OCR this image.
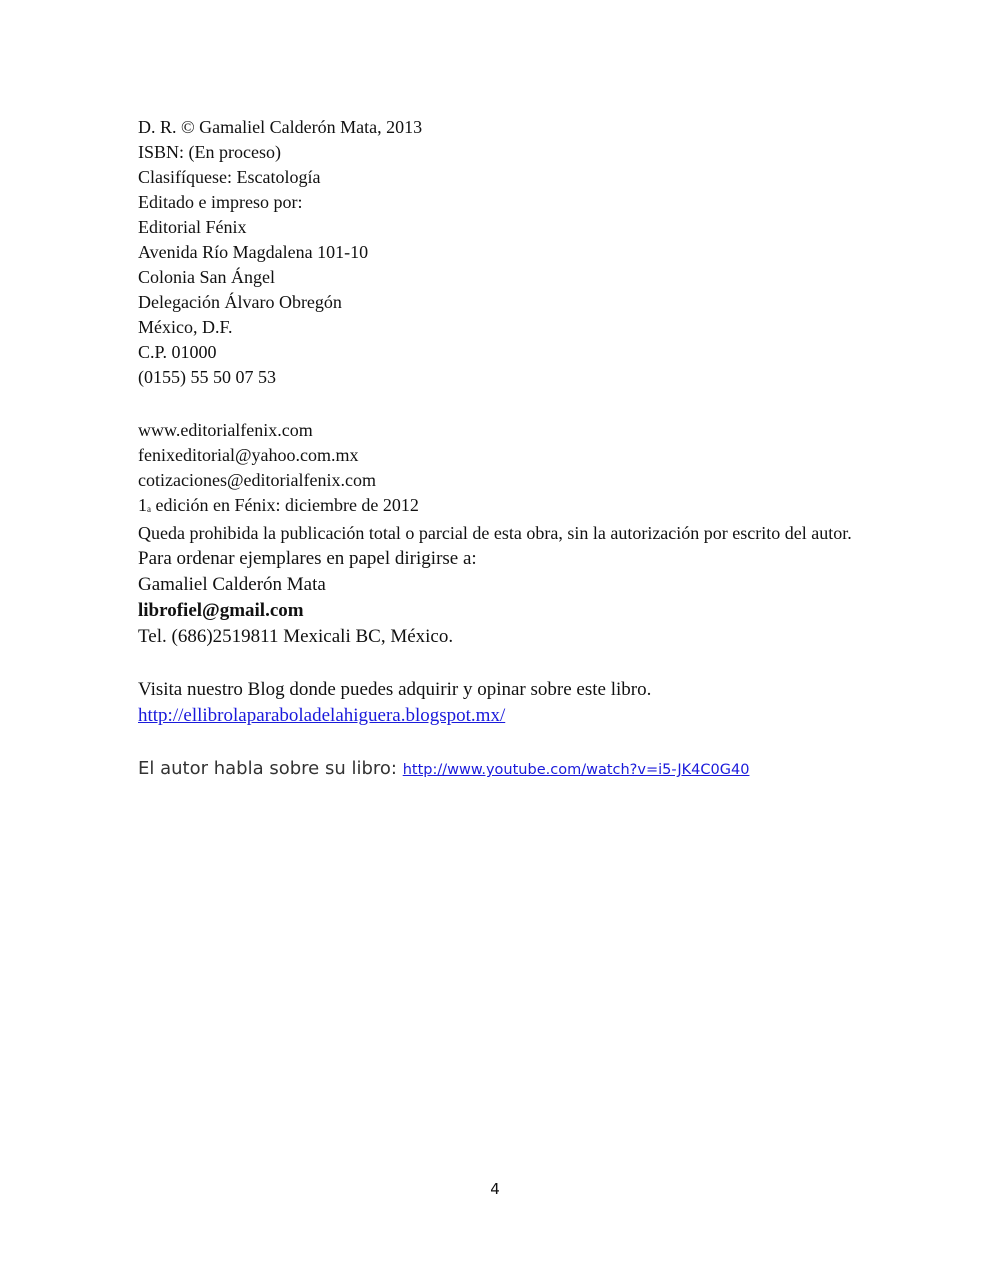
D. R. © Gamaliel Calderón Mata, 2013
ISBN: (En proceso)
Clasifíquese: Escatología
Editado e impreso por:
Editorial Fénix
Avenida Río Magdalena 101-10
Colonia San Ángel
Delegación Álvaro Obregón
México, D.F.
C.P. 01000
(0155) 55 50 07 53
www.editorialfenix.com
fenixeditorial@yahoo.com.mx
cotizaciones@editorialfenix.com
1a edición en Fénix: diciembre de 2012
Queda prohibida la publicación total o parcial de esta obra, sin la autorización por escrito del autor.
Para ordenar ejemplares en papel dirigirse a:
Gamaliel Calderón Mata
librofiel@gmail.com
Tel. (686)2519811 Mexicali BC, México.
Visita nuestro Blog donde puedes adquirir y opinar sobre este libro.
http://ellibrolaparaboladelahiguera.blogspot.mx/
El autor habla sobre su libro: http://www.youtube.com/watch?v=i5-JK4C0G40
4
